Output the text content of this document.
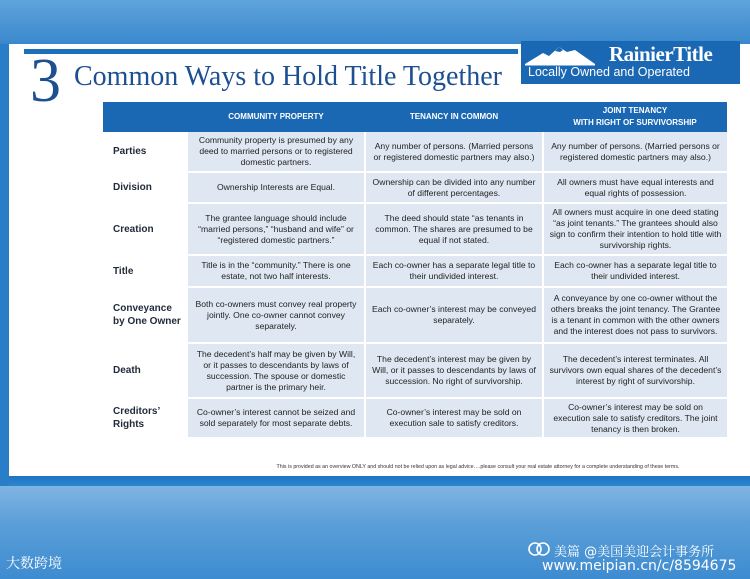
3 Common Ways to Hold Title Together
RainierTitle
Locally Owned and Operated
	COMMUNITY PROPERTY	TENANCY IN COMMON	JOINT TENANCY
WITH RIGHT OF SURVIVORSHIP
Parties	Community property is presumed by any deed to married persons or to registered domestic partners.	Any number of persons. (Married persons or registered domestic partners may also.)	Any number of persons. (Married persons or registered domestic partners may also.)
Division	Ownership Interests are Equal.	Ownership can be divided into any number of different percentages.	All owners must have equal interests and equal rights of possession.
Creation	The grantee language should include “married persons,” “husband and wife” or “registered domestic partners.”	The deed should state “as tenants in common. The shares are presumed to be equal if not stated.	All owners must acquire in one deed stating “as joint tenants.” The grantees should also sign to confirm their intention to hold title with survivorship rights.
Title	Title is in the “community.” There is one estate, not two half interests.	Each co-owner has a separate legal title to their undivided interest.	Each co-owner has a separate legal title to their undivided interest.
Conveyance by One Owner	Both co-owners must convey real property jointly. One co-owner cannot convey separately.	Each co-owner’s interest may be conveyed separately.	A conveyance by one co-owner without the others breaks the joint tenancy. The Grantee is a tenant in common with the other owners and the interest does not pass to survivors.
Death	The decedent’s half may be given by Will, or it passes to descendants by laws of succession. The spouse or domestic partner is the primary heir.	The decedent’s interest may be given by Will, or it passes to descendants by laws of succession. No right of survivorship.	The decedent’s interest terminates. All survivors own equal shares of the decedent’s interest by right of survivorship.
Creditors’ Rights	Co-owner’s interest cannot be seized and sold separately for most separate debts.	Co-owner’s interest may be sold on execution sale to satisfy creditors.	Co-owner’s interest may be sold on execution sale to satisfy creditors. The joint tenancy is then broken.
This is provided as an overview ONLY and should not be relied upon as legal advice….please consult your real estate attorney for a complete understanding of these terms.
大数跨境
美篇 @美国美迎会计事务所
www.meipian.cn/c/8594675
